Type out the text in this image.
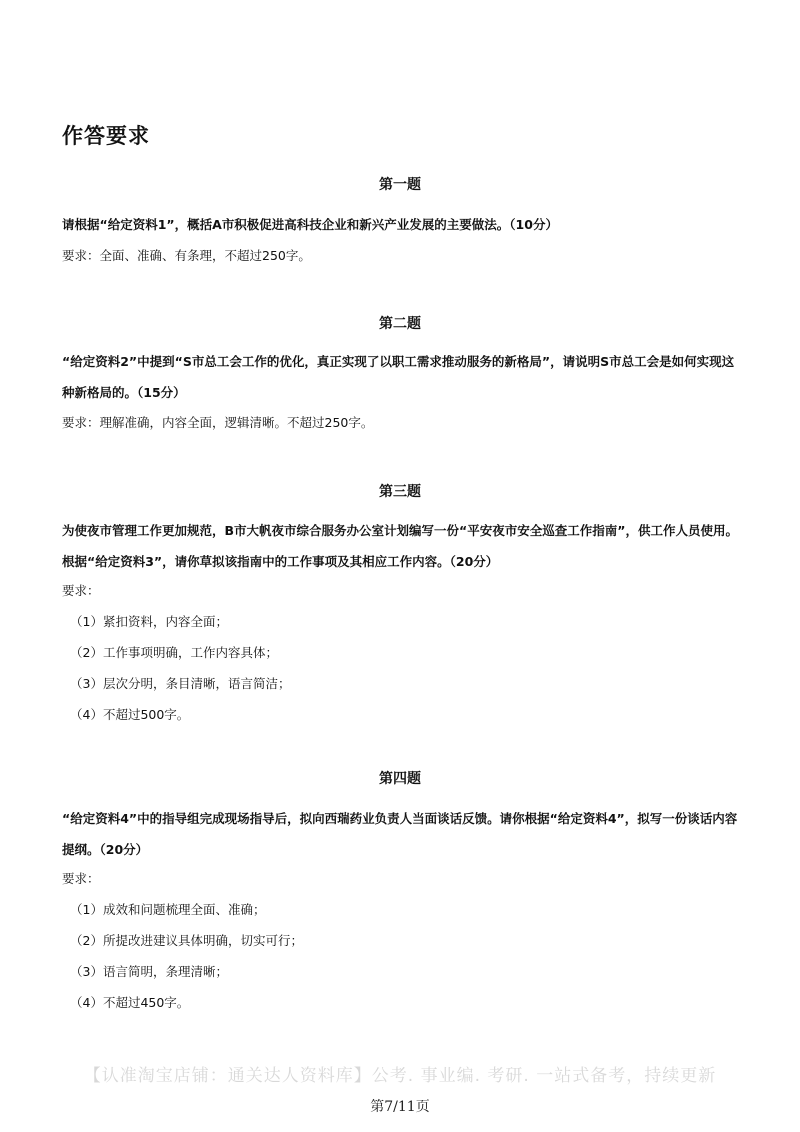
作答要求
第一题
请根据“给定资料1”，概括A市积极促进高科技企业和新兴产业发展的主要做法。（10分）
要求：全面、准确、有条理，不超过250字。
第二题
“给定资料2”中提到“S市总工会工作的优化，真正实现了以职工需求推动服务的新格局”，请说明S市总工会是如何实现这种新格局的。（15分）
要求：理解准确，内容全面，逻辑清晰。不超过250字。
第三题
为使夜市管理工作更加规范，B市大帆夜市综合服务办公室计划编写一份“平安夜市安全巡查工作指南”，供工作人员使用。根据“给定资料3”，请你草拟该指南中的工作事项及其相应工作内容。（20分）
要求：
（1）紧扣资料，内容全面；
（2）工作事项明确，工作内容具体；
（3）层次分明，条目清晰，语言简洁；
（4）不超过500字。
第四题
“给定资料4”中的指导组完成现场指导后，拟向西瑞药业负责人当面谈话反馈。请你根据“给定资料4”，拟写一份谈话内容提纲。（20分）
要求：
（1）成效和问题梳理全面、准确；
（2）所提改进建议具体明确，切实可行；
（3）语言简明，条理清晰；
（4）不超过450字。
【认准淘宝店铺：通关达人资料库】公考. 事业编. 考研. 一站式备考，持续更新
第7/11页
